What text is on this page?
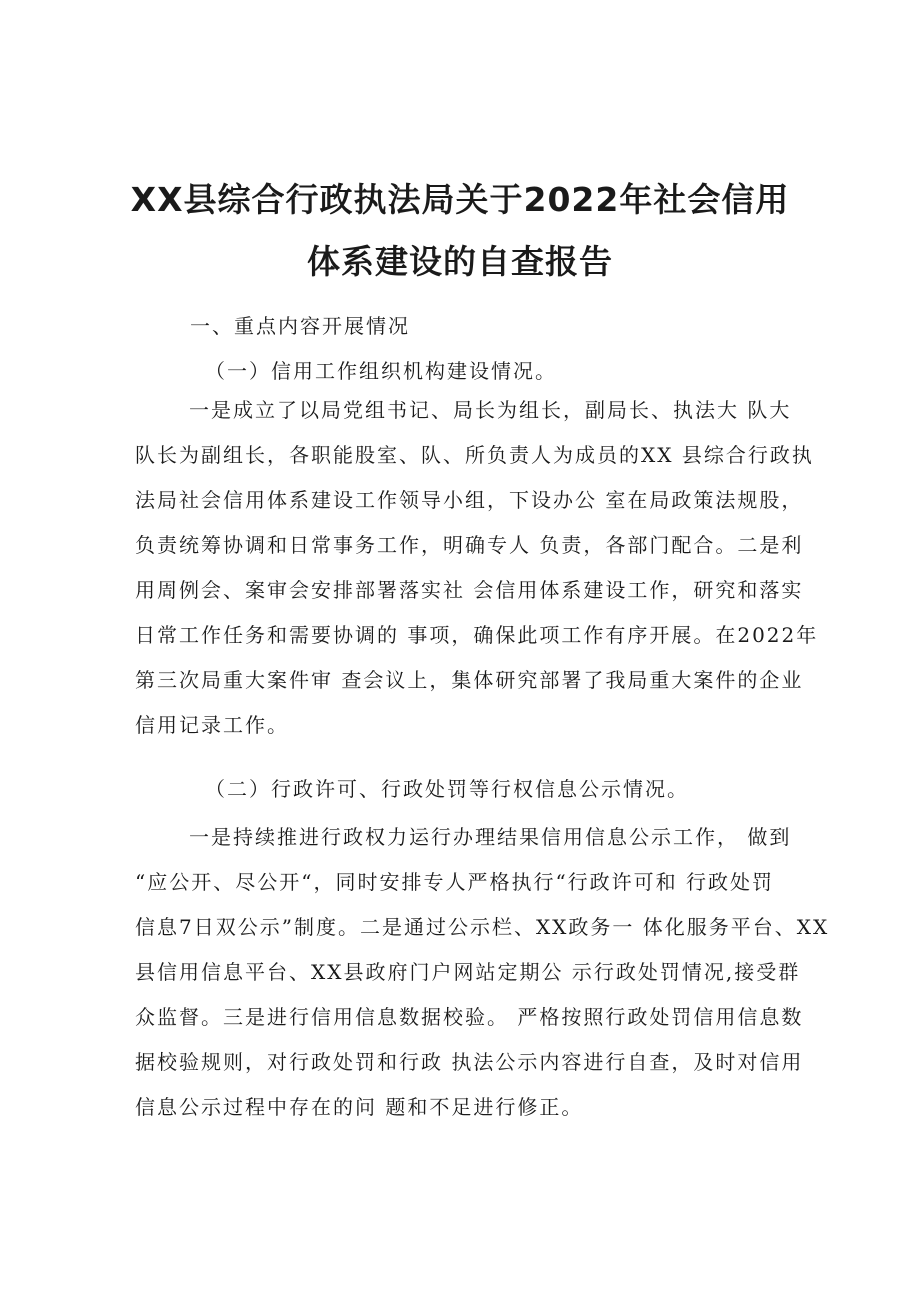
XX县综合行政执法局关于2022年社会信用
体系建设的自查报告

一、重点内容开展情况

（一）信用工作组织机构建设情况。

一是成立了以局党组书记、局长为组长，副局长、执法大 队大
队长为副组长，各职能股室、队、所负责人为成员的XX 县综合行政执
法局社会信用体系建设工作领导小组，下设办公 室在局政策法规股，
负责统筹协调和日常事务工作，明确专人 负责，各部门配合。二是利
用周例会、案审会安排部署落实社 会信用体系建设工作，研究和落实
日常工作任务和需要协调的 事项，确保此项工作有序开展。在2022年
第三次局重大案件审 查会议上，集体研究部署了我局重大案件的企业
信用记录工作。

（二）行政许可、行政处罚等行权信息公示情况。

一是持续推进行政权力运行办理结果信用信息公示工作， 做到
“应公开、尽公开“，同时安排专人严格执行“行政许可和 行政处罚
信息7日双公示”制度。二是通过公示栏、XX政务一 体化服务平台、XX
县信用信息平台、XX县政府门户网站定期公 示行政处罚情况,接受群
众监督。三是进行信用信息数据校验。 严格按照行政处罚信用信息数
据校验规则，对行政处罚和行政 执法公示内容进行自查，及时对信用
信息公示过程中存在的问 题和不足进行修正。
